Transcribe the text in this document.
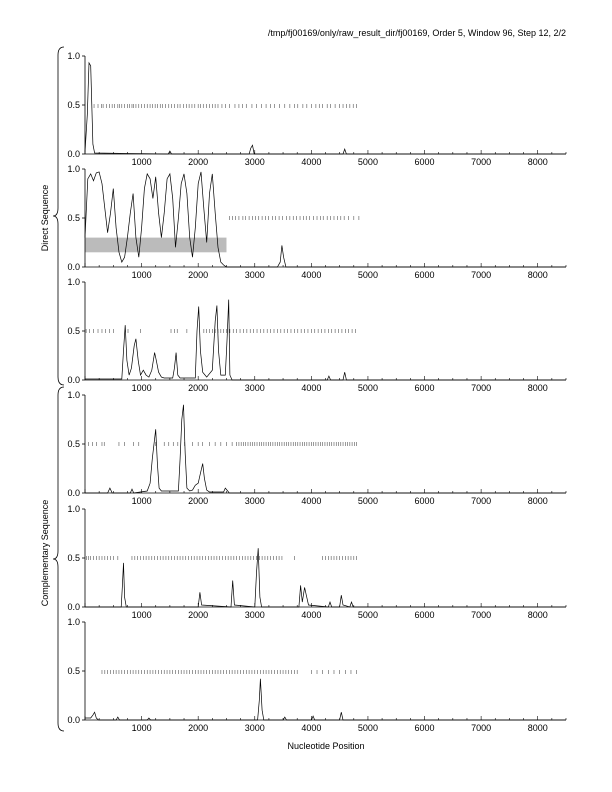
/tmp/fj00169/only/raw_result_dir/fj00169, Order 5, Window 96, Step 12, 2/2
0.0
0.5
1.0
1000	2000	3000	4000	5000	6000	7000	8000
0.0
0.5
1.0
1000	2000	3000	4000	5000	6000	7000	8000
0.0
0.5
1.0
1000	2000	3000	4000	5000	6000	7000	8000
0.0
0.5
1.0
1000	2000	3000	4000	5000	6000	7000	8000
0.0
0.5
1.0
1000	2000	3000	4000	5000	6000	7000	8000
0.0
0.5
1.0
1000	2000	3000	4000	5000	6000	7000	8000
Direct Sequence
Complementary Sequence
Nucleotide Position
